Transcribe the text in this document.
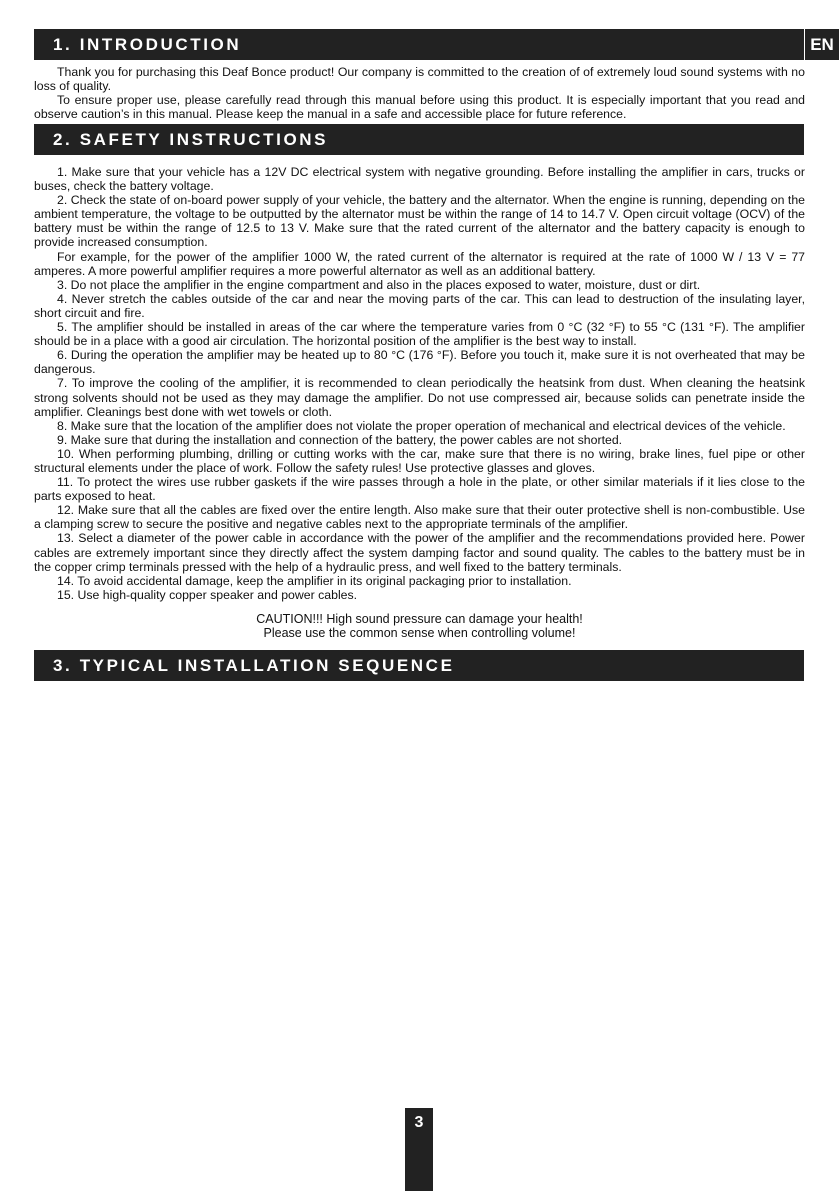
1. INTRODUCTION	EN

Thank you for purchasing this Deaf Bonce product! Our company is committed to the creation of of extremely loud sound systems with no loss of quality.

To ensure proper use, please carefully read through this manual before using this product. It is especially important that you read and observe caution’s in this manual. Please keep the manual in a safe and accessible place for future reference.

2. SAFETY INSTRUCTIONS

1. Make sure that your vehicle has a 12V DC electrical system with negative grounding. Before installing the amplifier in cars, trucks or buses, check the battery voltage.

2. Check the state of on-board power supply of your vehicle, the battery and the alternator. When the engine is running, depending on the ambient temperature, the voltage to be outputted by the alternator must be within the range of 14 to 14.7 V. Open circuit voltage (OCV) of the battery must be within the range of 12.5 to 13 V. Make sure that the rated current of the alternator and the battery capacity is enough to provide increased consumption.

For example, for the power of the amplifier 1000 W, the rated current of the alternator is required at the rate of 1000 W / 13 V = 77 amperes. A more powerful amplifier requires a more powerful alternator as well as an additional battery.

3. Do not place the amplifier in the engine compartment and also in the places exposed to water, moisture, dust or dirt.

4. Never stretch the cables outside of the car and near the moving parts of the car. This can lead to destruction of the insulating layer, short circuit and fire.

5. The amplifier should be installed in areas of the car where the temperature varies from 0 °C (32 °F) to 55 °C (131 °F). The amplifier should be in a place with a good air circulation. The horizontal position of the amplifier is the best way to install.

6. During the operation the amplifier may be heated up to 80 °C (176 °F). Before you touch it, make sure it is not overheated that may be dangerous.

7. To improve the cooling of the amplifier, it is recommended to clean periodically the heatsink from dust. When cleaning the heatsink strong solvents should not be used as they may damage the amplifier. Do not use compressed air, because solids can penetrate inside the amplifier. Cleanings best done with wet towels or cloth.

8. Make sure that the location of the amplifier does not violate the proper operation of mechanical and electrical devices of the vehicle.

9. Make sure that during the installation and connection of the battery, the power cables are not shorted.

10. When performing plumbing, drilling or cutting works with the car, make sure that there is no wiring, brake lines, fuel pipe or other structural elements under the place of work. Follow the safety rules! Use protective glasses and gloves.

11. To protect the wires use rubber gaskets if the wire passes through a hole in the plate, or other similar materials if it lies close to the parts exposed to heat.

12. Make sure that all the cables are fixed over the entire length. Also make sure that their outer protective shell is non-combustible. Use a clamping screw to secure the positive and negative cables next to the appropriate terminals of the amplifier.

13. Select a diameter of the power cable in accordance with the power of the amplifier and the recommendations provided here. Power cables are extremely important since they directly affect the system damping factor and sound quality. The cables to the battery must be in the copper crimp terminals pressed with the help of a hydraulic press, and well fixed to the battery terminals.

14. To avoid accidental damage, keep the amplifier in its original packaging prior to installation.

15. Use high-quality copper speaker and power cables.

CAUTION!!! High sound pressure can damage your health!
Please use the common sense when controlling volume!
3. TYPICAL INSTALLATION SEQUENCE
3
